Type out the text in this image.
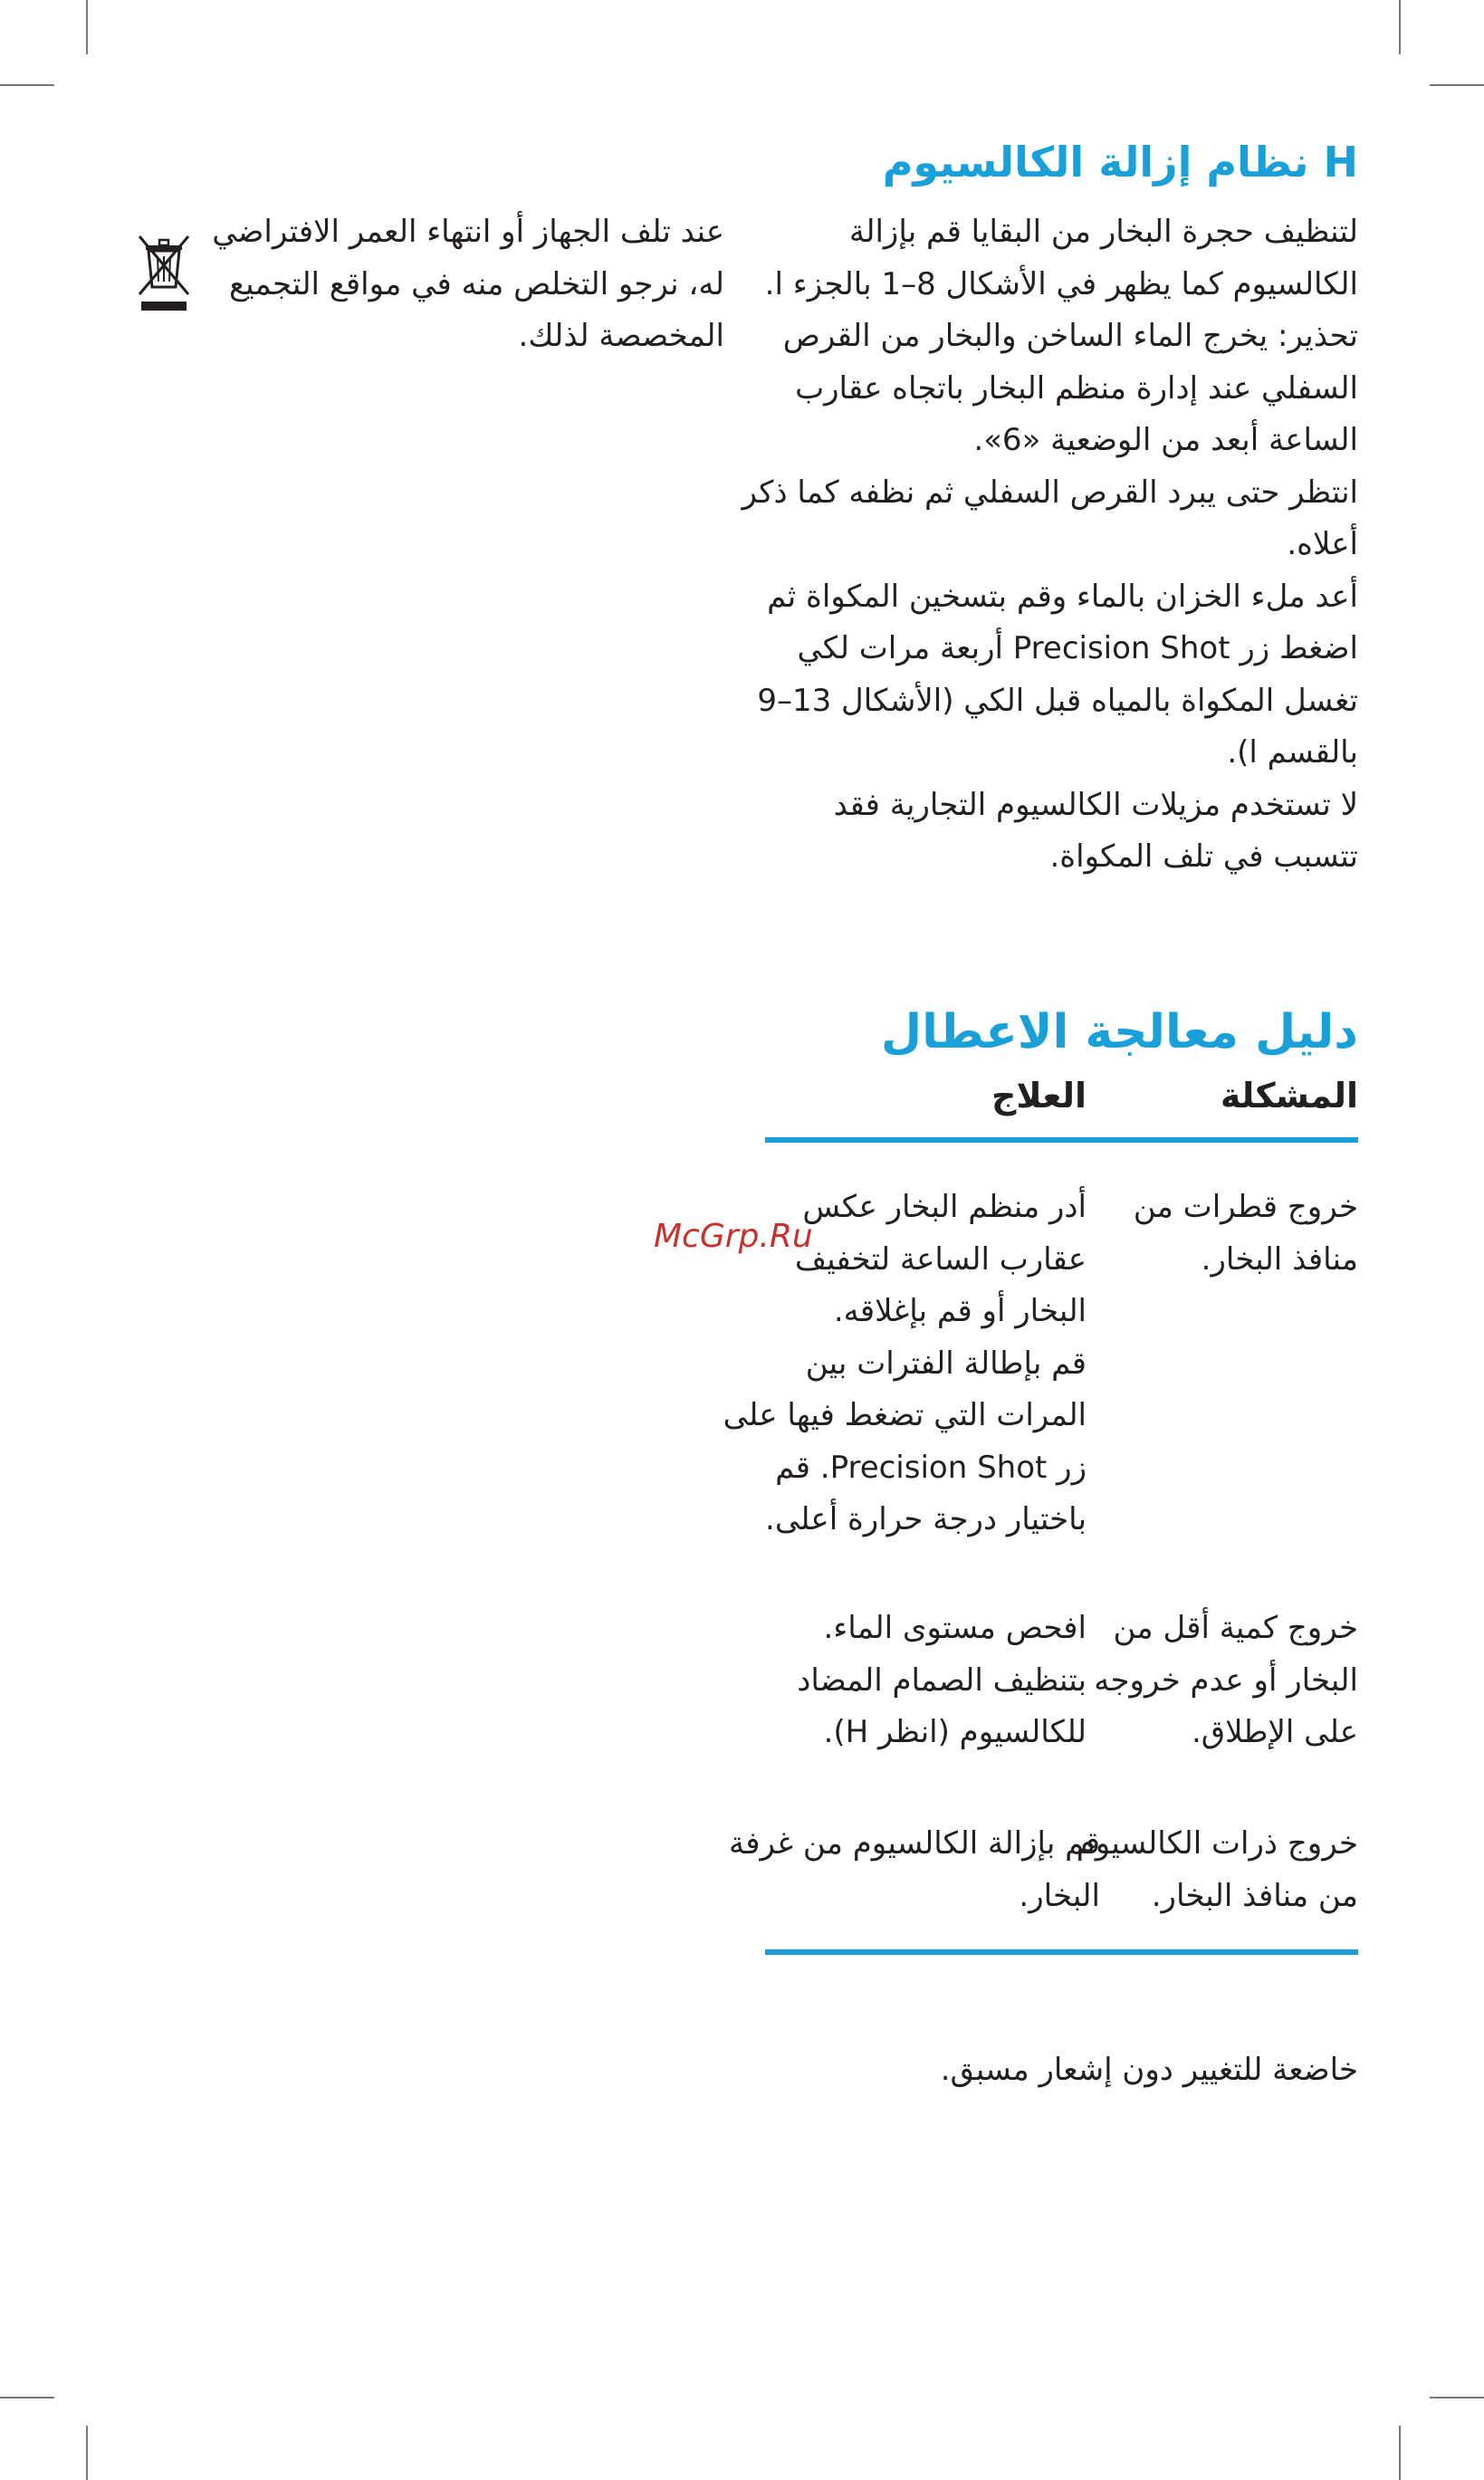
عند تلف الجهاز أو انتهاء العمر الافتراضي
له، نرجو التخلص منه في مواقع التجميع
المخصصة لذلك.
H نظام إزالة الكالسيوم
لتنظيف حجرة البخار من البقايا قم بإزالة
الكالسيوم كما يظهر في الأشكال 8–1 بالجزء ا.
تحذير: يخرج الماء الساخن والبخار من القرص
السفلي عند إدارة منظم البخار باتجاه عقارب
الساعة أبعد من الوضعية «6».
انتظر حتى يبرد القرص السفلي ثم نظفه كما ذكر
أعلاه.
أعد ملء الخزان بالماء وقم بتسخين المكواة ثم
اضغط زر Precision Shot أربعة مرات لكي
تغسل المكواة بالمياه قبل الكي (الأشكال 13–9
بالقسم ا).
لا تستخدم مزيلات الكالسيوم التجارية فقد
تتسبب في تلف المكواة.
دليل معالجة الاعطال
المشكلة
العلاج
خروج قطرات من
منافذ البخار.
أدر منظم البخار عكس
عقارب الساعة لتخفيف
البخار أو قم بإغلاقه.
قم بإطالة الفترات بين
المرات التي تضغط فيها على
زر Precision Shot. قم
باختيار درجة حرارة أعلى.
خروج كمية أقل من
البخار أو عدم خروجه
على الإطلاق.
افحص مستوى الماء.
بتنظيف الصمام المضاد
للكالسيوم (انظر H).
خروج ذرات الكالسيوم
من منافذ البخار.
قم بإزالة الكالسيوم من غرفة
البخار.
خاضعة للتغيير دون إشعار مسبق.
McGrp.Ru
